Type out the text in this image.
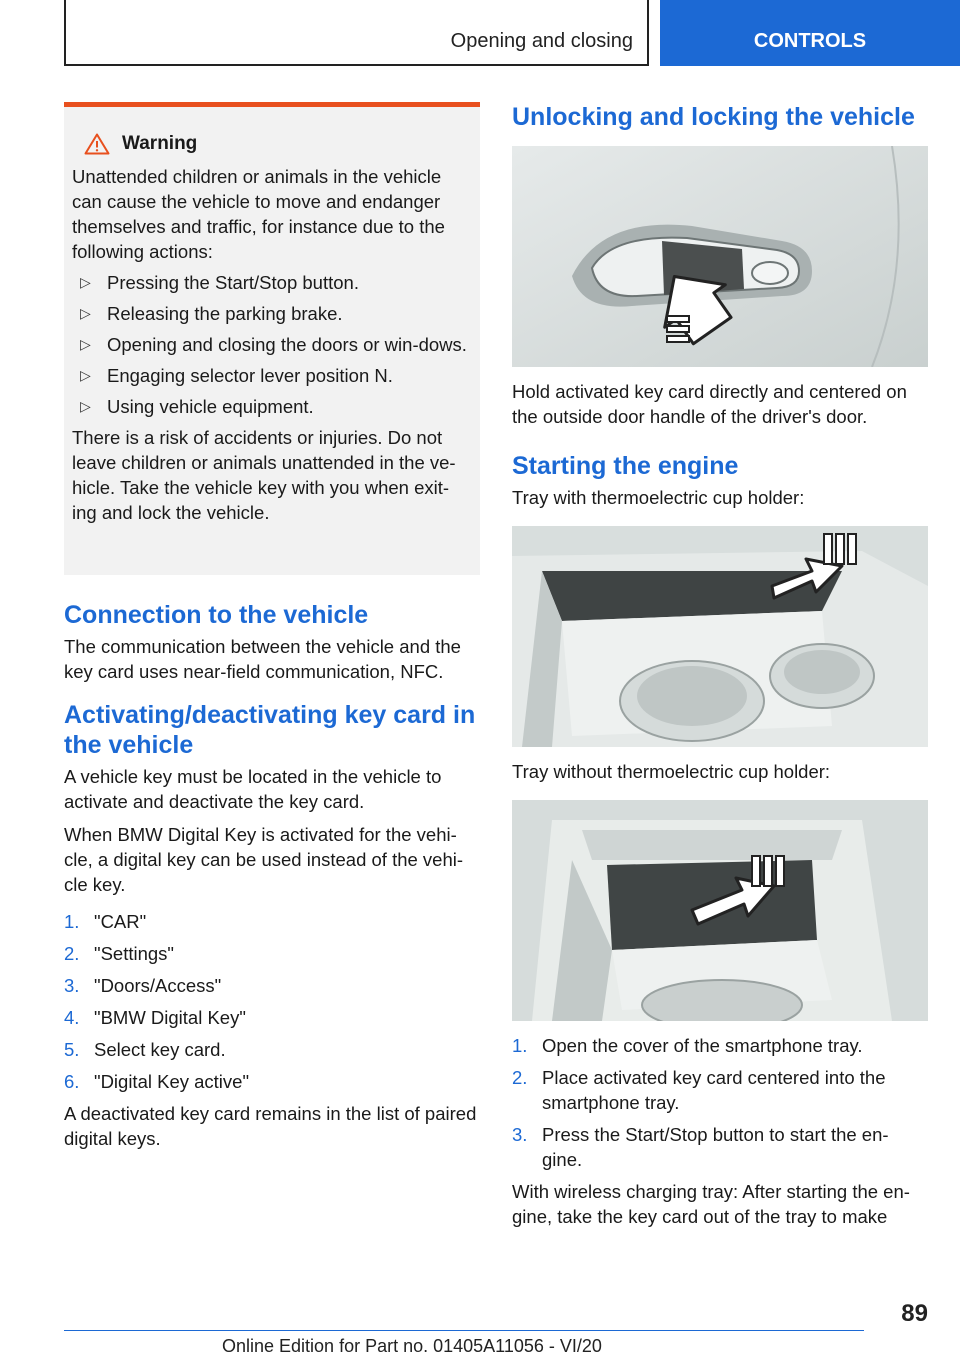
Opening and closing	CONTROLS
Warning

Unattended children or animals in the vehicle can cause the vehicle to move and endanger themselves and traffic, for instance due to the following actions:

▷ Pressing the Start/Stop button.
▷ Releasing the parking brake.
▷ Opening and closing the doors or win-dows.
▷ Engaging selector lever position N.
▷ Using vehicle equipment.

There is a risk of accidents or injuries. Do not leave children or animals unattended in the ve-hicle. Take the vehicle key with you when exit-ing and lock the vehicle.

Connection to the vehicle

The communication between the vehicle and the key card uses near-field communication, NFC.

Activating/deactivating key card in the vehicle

A vehicle key must be located in the vehicle to activate and deactivate the key card.

When BMW Digital Key is activated for the vehi-cle, a digital key can be used instead of the vehi-cle key.

1. "CAR"
2. "Settings"
3. "Doors/Access"
4. "BMW Digital Key"
5. Select key card.
6. "Digital Key active"

A deactivated key card remains in the list of paired digital keys.

Unlocking and locking the vehicle

Hold activated key card directly and centered on the outside door handle of the driver's door.

Starting the engine

Tray with thermoelectric cup holder:

Tray without thermoelectric cup holder:

1. Open the cover of the smartphone tray.
2. Place activated key card centered into the smartphone tray.
3. Press the Start/Stop button to start the en-gine.

With wireless charging tray: After starting the en-gine, take the key card out of the tray to make

89
Online Edition for Part no. 01405A11056 - VI/20
